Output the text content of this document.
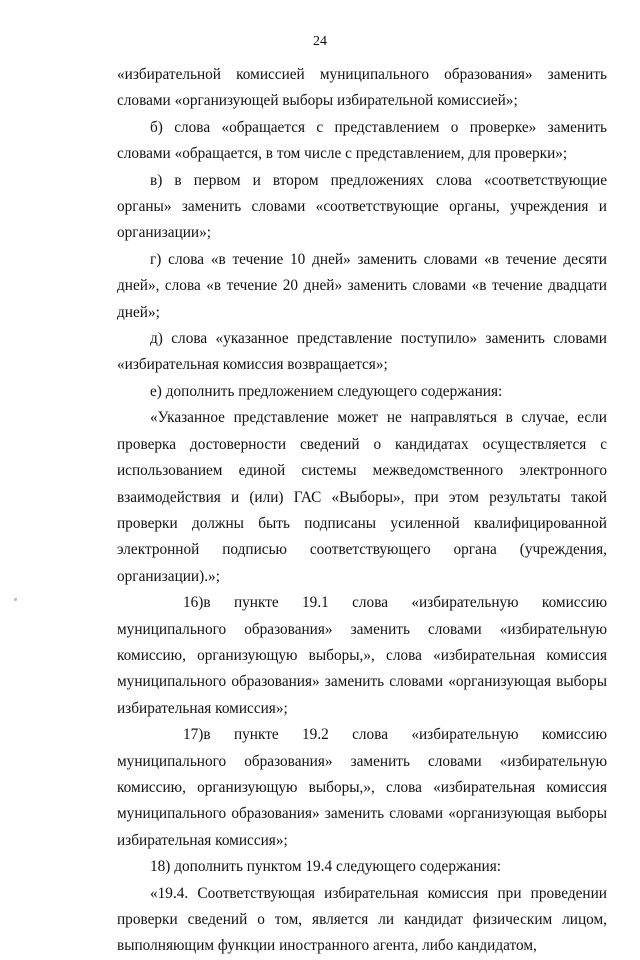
24

«избирательной комиссией муниципального образования» заменить словами «организующей выборы избирательной комиссией»;

б) слова «обращается с представлением о проверке» заменить словами «обращается, в том числе с представлением, для проверки»;

в) в первом и втором предложениях слова «соответствующие органы» заменить словами «соответствующие органы, учреждения и организации»;

г) слова «в течение 10 дней» заменить словами «в течение десяти дней», слова «в течение 20 дней» заменить словами «в течение двадцати дней»;

д) слова «указанное представление поступило» заменить словами «избирательная комиссия возвращается»;

е) дополнить предложением следующего содержания:

«Указанное представление может не направляться в случае, если проверка достоверности сведений о кандидатах осуществляется с использованием единой системы межведомственного электронного взаимодействия и (или) ГАС «Выборы», при этом результаты такой проверки должны быть подписаны усиленной квалифицированной электронной подписью соответствующего органа (учреждения, организации).»;

16)в пункте 19.1 слова «избирательную комиссию муниципального образования» заменить словами «избирательную комиссию, организующую выборы,», слова «избирательная комиссия муниципального образования» заменить словами «организующая выборы избирательная комиссия»;

17)в пункте 19.2 слова «избирательную комиссию муниципального образования» заменить словами «избирательную комиссию, организующую выборы,», слова «избирательная комиссия муниципального образования» заменить словами «организующая выборы избирательная комиссия»;

18) дополнить пунктом 19.4 следующего содержания:

«19.4. Соответствующая избирательная комиссия при проведении проверки сведений о том, является ли кандидат физическим лицом, выполняющим функции иностранного агента, либо кандидатом,
